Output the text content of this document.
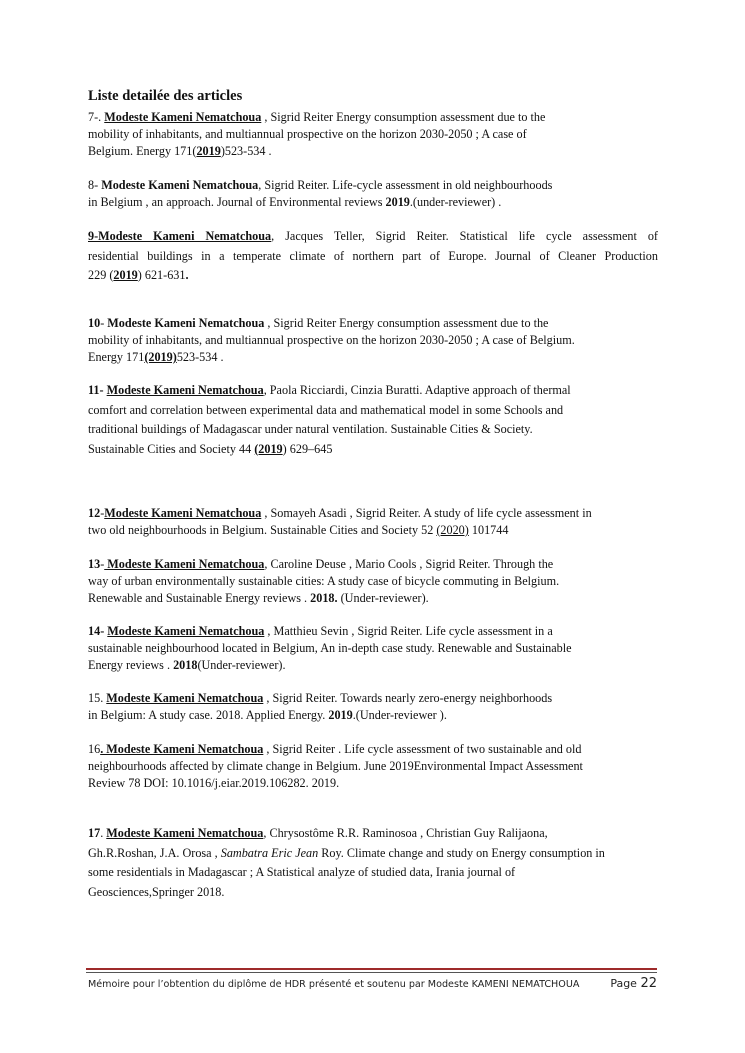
Liste detailée des articles
7-. Modeste Kameni Nematchoua , Sigrid Reiter Energy consumption assessment due to the
mobility of inhabitants, and multiannual prospective on the horizon 2030-2050 ; A case of
Belgium. Energy 171(2019)523-534 .
8- Modeste Kameni Nematchoua, Sigrid Reiter. Life-cycle assessment in old neighbourhoods
in Belgium , an approach. Journal of Environmental reviews 2019.(under-reviewer) .
9-Modeste Kameni Nematchoua, Jacques Teller, Sigrid Reiter. Statistical life cycle assessment of
residential buildings in a temperate climate of northern part of Europe. Journal of Cleaner Production
229 (2019) 621-631.
10- Modeste Kameni Nematchoua , Sigrid Reiter Energy consumption assessment due to the
mobility of inhabitants, and multiannual prospective on the horizon 2030-2050 ; A case of Belgium.
Energy 171(2019)523-534 .
11- Modeste Kameni Nematchoua, Paola Ricciardi, Cinzia Buratti. Adaptive approach of thermal
comfort and correlation between experimental data and mathematical model in some Schools and
traditional buildings of Madagascar under natural ventilation. Sustainable Cities & Society.
Sustainable Cities and Society 44 (2019) 629–645
12-Modeste Kameni Nematchoua , Somayeh Asadi , Sigrid Reiter. A study of life cycle assessment in
two old neighbourhoods in Belgium. Sustainable Cities and Society 52 (2020) 101744
13- Modeste Kameni Nematchoua, Caroline Deuse , Mario Cools , Sigrid Reiter. Through the
way of urban environmentally sustainable cities: A study case of bicycle commuting in Belgium.
Renewable and Sustainable Energy reviews . 2018. (Under-reviewer).
14- Modeste Kameni Nematchoua , Matthieu Sevin , Sigrid Reiter. Life cycle assessment in a
sustainable neighbourhood located in Belgium, An in-depth case study. Renewable and Sustainable
Energy reviews . 2018(Under-reviewer).
15. Modeste Kameni Nematchoua , Sigrid Reiter. Towards nearly zero-energy neighborhoods
in Belgium: A study case. 2018. Applied Energy. 2019.(Under-reviewer ).
16. Modeste Kameni Nematchoua , Sigrid Reiter . Life cycle assessment of two sustainable and old
neighbourhoods affected by climate change in Belgium. June 2019Environmental Impact Assessment
Review 78 DOI: 10.1016/j.eiar.2019.106282. 2019.
17. Modeste Kameni Nematchoua, Chrysostôme R.R. Raminosoa , Christian Guy Ralijaona,
Gh.R.Roshan, J.A. Orosa , Sambatra Eric Jean Roy. Climate change and study on Energy consumption in
some residentials in Madagascar ; A Statistical analyze of studied data, Irania journal of
Geosciences,Springer 2018.
Mémoire pour l’obtention du diplôme de HDR présenté et soutenu par Modeste KAMENI NEMATCHOUA	Page 22
